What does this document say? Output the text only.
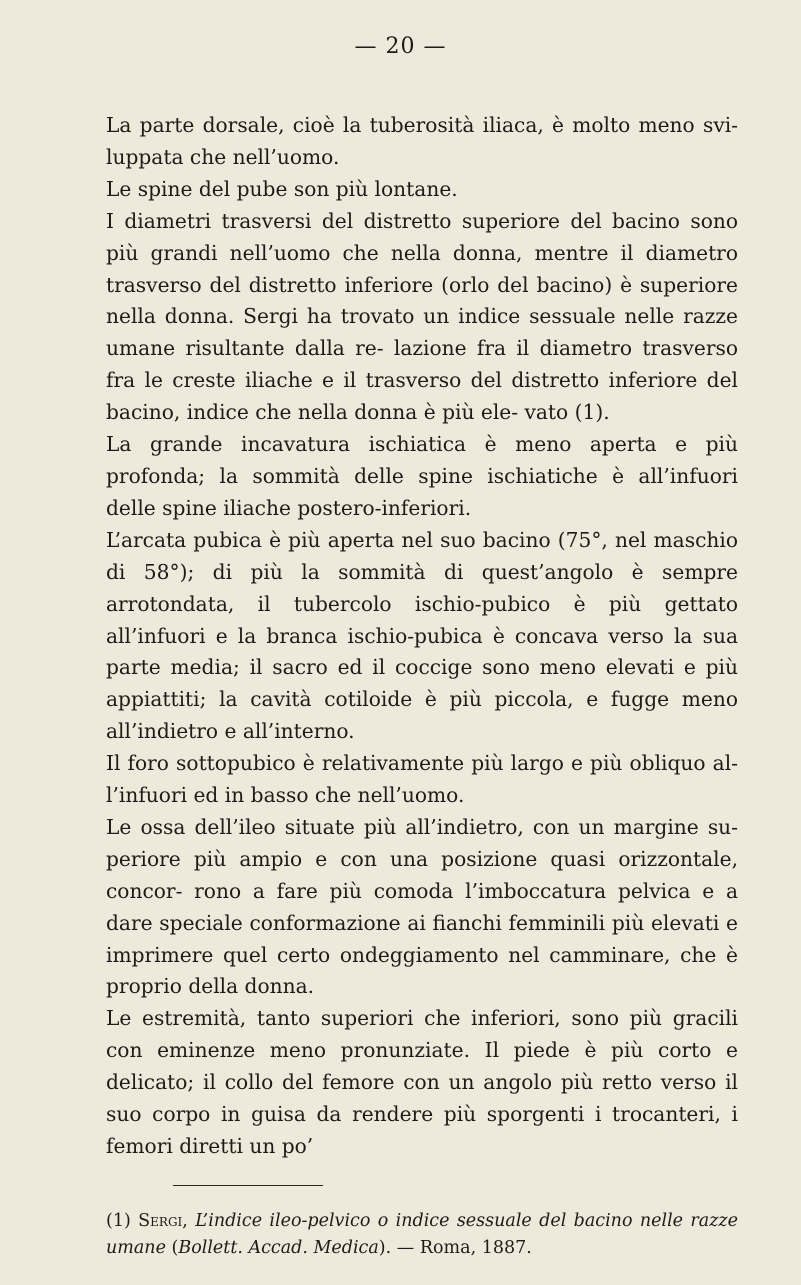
— 20 —

La parte dorsale, cioè la tuberosità iliaca, è molto meno svi- luppata che nell’uomo.

Le spine del pube son più lontane.

I diametri trasversi del distretto superiore del bacino sono più grandi nell’uomo che nella donna, mentre il diametro trasverso del distretto inferiore (orlo del bacino) è superiore nella donna. Sergi ha trovato un indice sessuale nelle razze umane risultante dalla re- lazione fra il diametro trasverso fra le creste iliache e il trasverso del distretto inferiore del bacino, indice che nella donna è più ele- vato (1).

La grande incavatura ischiatica è meno aperta e più profonda; la sommità delle spine ischiatiche è all’infuori delle spine iliache postero-inferiori.

L’arcata pubica è più aperta nel suo bacino (75°, nel maschio di 58°); di più la sommità di quest’angolo è sempre arrotondata, il tubercolo ischio-pubico è più gettato all’infuori e la branca ischio-pubica è concava verso la sua parte media; il sacro ed il coccige sono meno elevati e più appiattiti; la cavità cotiloide è più piccola, e fugge meno all’indietro e all’interno.

Il foro sottopubico è relativamente più largo e più obliquo al- l’infuori ed in basso che nell’uomo.

Le ossa dell’ileo situate più all’indietro, con un margine su- periore più ampio e con una posizione quasi orizzontale, concor- rono a fare più comoda l’imboccatura pelvica e a dare speciale conformazione ai fianchi femminili più elevati e imprimere quel certo ondeggiamento nel camminare, che è proprio della donna.

Le estremità, tanto superiori che inferiori, sono più gracili con eminenze meno pronunziate. Il piede è più corto e delicato; il collo del femore con un angolo più retto verso il suo corpo in guisa da rendere più sporgenti i trocanteri, i femori diretti un po’

(1) Sergi, L’indice ileo-pelvico o indice sessuale del bacino nelle razze umane (Bollett. Accad. Medica). — Roma, 1887.
